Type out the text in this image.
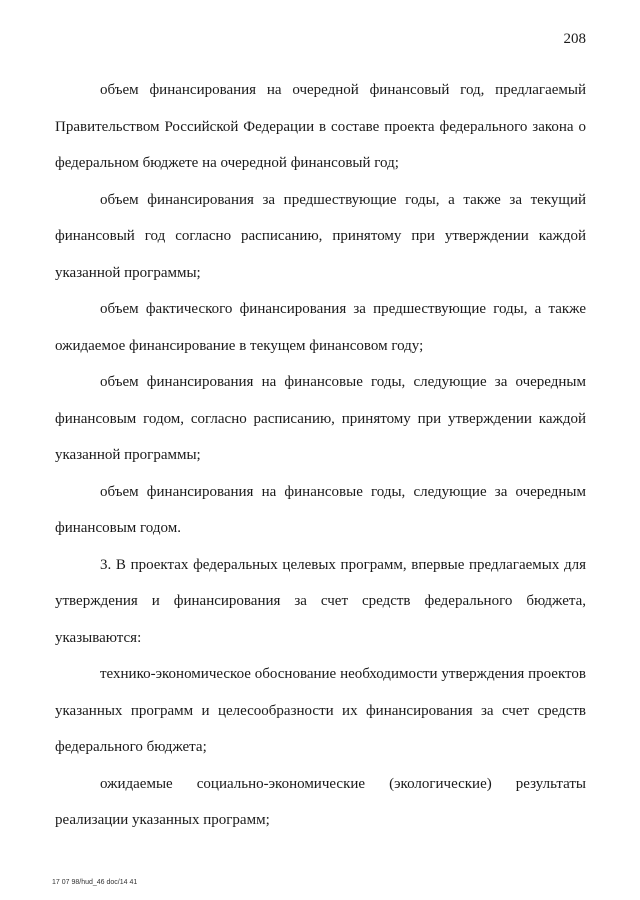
208

объем финансирования на очередной финансовый год, предлагаемый Правительством Российской Федерации в составе проекта федерального закона о федеральном бюджете на очередной финансовый год;

объем финансирования за предшествующие годы, а также за текущий финансовый год согласно расписанию, принятому при утверждении каждой указанной программы;

объем фактического финансирования за предшествующие годы, а также ожидаемое финансирование в текущем финансовом году;

объем финансирования на финансовые годы, следующие за очередным финансовым годом, согласно расписанию, принятому при утверждении каждой указанной программы;

объем финансирования на финансовые годы, следующие за очередным финансовым годом.

3. В проектах федеральных целевых программ, впервые предлагаемых для утверждения и финансирования за счет средств федерального бюджета, указываются:

технико-экономическое обоснование необходимости утверждения проектов указанных программ и целесообразности их финансирования за счет средств федерального бюджета;

ожидаемые социально-экономические (экологические) результаты реализации указанных программ;

17 07 98/hud_46 doc/14 41
